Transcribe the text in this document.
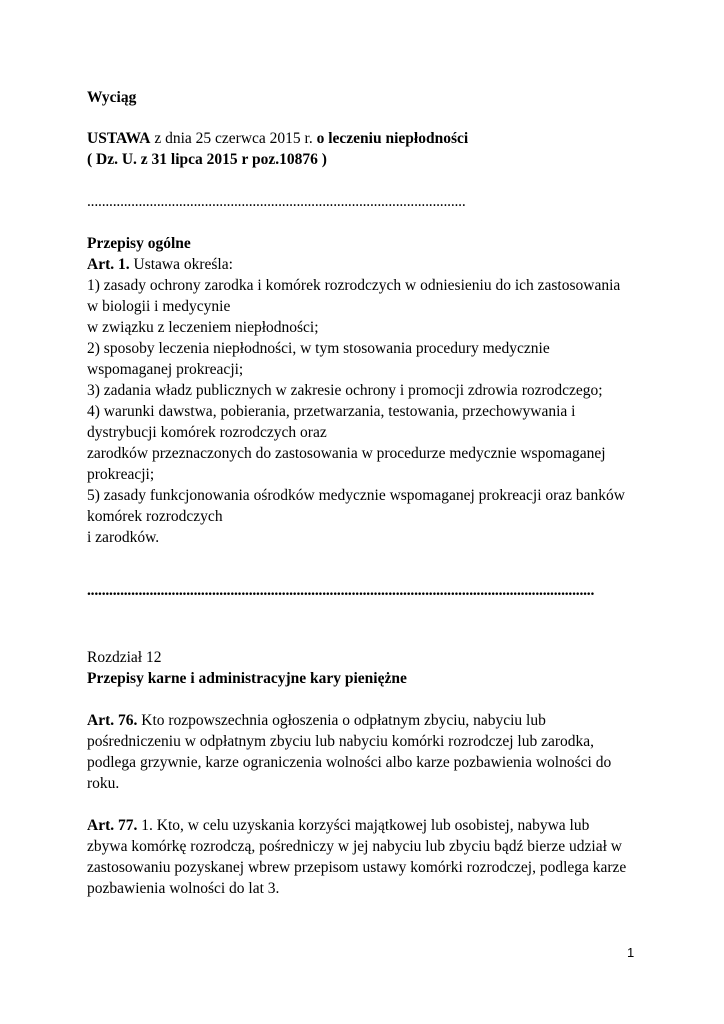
Wyciąg

USTAWA z dnia 25 czerwca 2015 r. o leczeniu niepłodności

( Dz. U. z 31 lipca 2015 r poz.10876 )

.......................................................................................................

Przepisy ogólne

Art. 1. Ustawa określa:

1) zasady ochrony zarodka i komórek rozrodczych w odniesieniu do ich zastosowania

w biologii i medycynie

w związku z leczeniem niepłodności;

2) sposoby leczenia niepłodności, w tym stosowania procedury medycznie

wspomaganej prokreacji;

3) zadania władz publicznych w zakresie ochrony i promocji zdrowia rozrodczego;

4) warunki dawstwa, pobierania, przetwarzania, testowania, przechowywania i

dystrybucji komórek rozrodczych oraz

zarodków przeznaczonych do zastosowania w procedurze medycznie wspomaganej

prokreacji;

5) zasady funkcjonowania ośrodków medycznie wspomaganej prokreacji oraz banków

komórek rozrodczych

i zarodków.

..........................................................................................................................................

Rozdział 12

Przepisy karne i administracyjne kary pieniężne

Art. 76. Kto rozpowszechnia ogłoszenia o odpłatnym zbyciu, nabyciu lub

pośredniczeniu w odpłatnym zbyciu lub nabyciu komórki rozrodczej lub zarodka,

podlega grzywnie, karze ograniczenia wolności albo karze pozbawienia wolności do

roku.

Art. 77. 1. Kto, w celu uzyskania korzyści majątkowej lub osobistej, nabywa lub

zbywa komórkę rozrodczą, pośredniczy w jej nabyciu lub zbyciu bądź bierze udział w

zastosowaniu pozyskanej wbrew przepisom ustawy komórki rozrodczej, podlega karze

pozbawienia wolności do lat 3.

1
